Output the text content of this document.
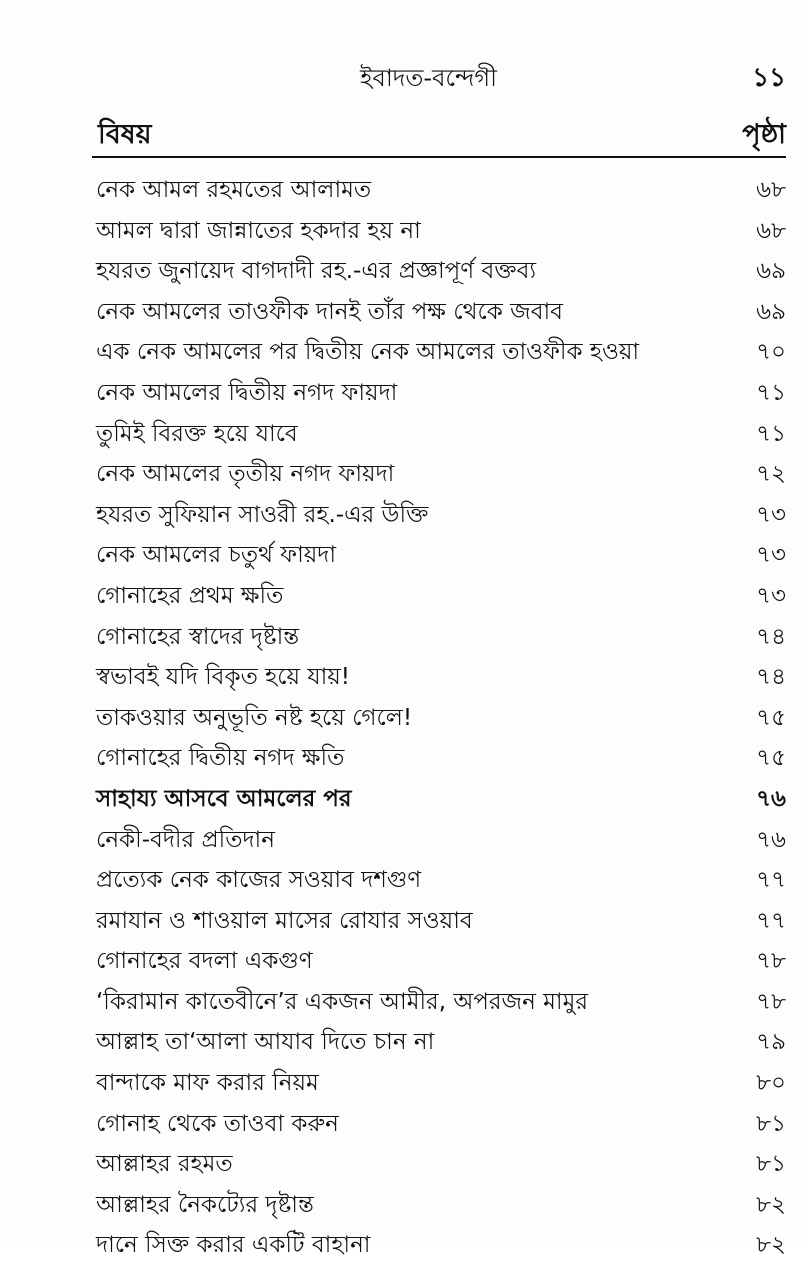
ইবাদত-বন্দেগী	১১
বিষয়	পৃষ্ঠা
নেক আমল রহমতের আলামত	৬৮
আমল দ্বারা জান্নাতের হকদার হয় না	৬৮
হযরত জুনায়েদ বাগদাদী রহ.-এর প্রজ্ঞাপূর্ণ বক্তব্য	৬৯
নেক আমলের তাওফীক দানই তাঁর পক্ষ থেকে জবাব	৬৯
এক নেক আমলের পর দ্বিতীয় নেক আমলের তাওফীক হওয়া	৭০
নেক আমলের দ্বিতীয় নগদ ফায়দা	৭১
তুমিই বিরক্ত হয়ে যাবে	৭১
নেক আমলের তৃতীয় নগদ ফায়দা	৭২
হযরত সুফিয়ান সাওরী রহ.-এর উক্তি	৭৩
নেক আমলের চতুর্থ ফায়দা	৭৩
গোনাহের প্রথম ক্ষতি	৭৩
গোনাহের স্বাদের দৃষ্টান্ত	৭৪
স্বভাবই যদি বিকৃত হয়ে যায়!	৭৪
তাকওয়ার অনুভূতি নষ্ট হয়ে গেলে!	৭৫
গোনাহের দ্বিতীয় নগদ ক্ষতি	৭৫
সাহায্য আসবে আমলের পর	৭৬
নেকী-বদীর প্রতিদান	৭৬
প্রত্যেক নেক কাজের সওয়াব দশগুণ	৭৭
রমাযান ও শাওয়াল মাসের রোযার সওয়াব	৭৭
গোনাহের বদলা একগুণ	৭৮
‘কিরামান কাতেবীনে’র একজন আমীর, অপরজন মামুর	৭৮
আল্লাহ তা‘আলা আযাব দিতে চান না	৭৯
বান্দাকে মাফ করার নিয়ম	৮০
গোনাহ থেকে তাওবা করুন	৮১
আল্লাহর রহমত	৮১
আল্লাহর নৈকট্যের দৃষ্টান্ত	৮২
দানে সিক্ত করার একটি বাহানা	৮২
